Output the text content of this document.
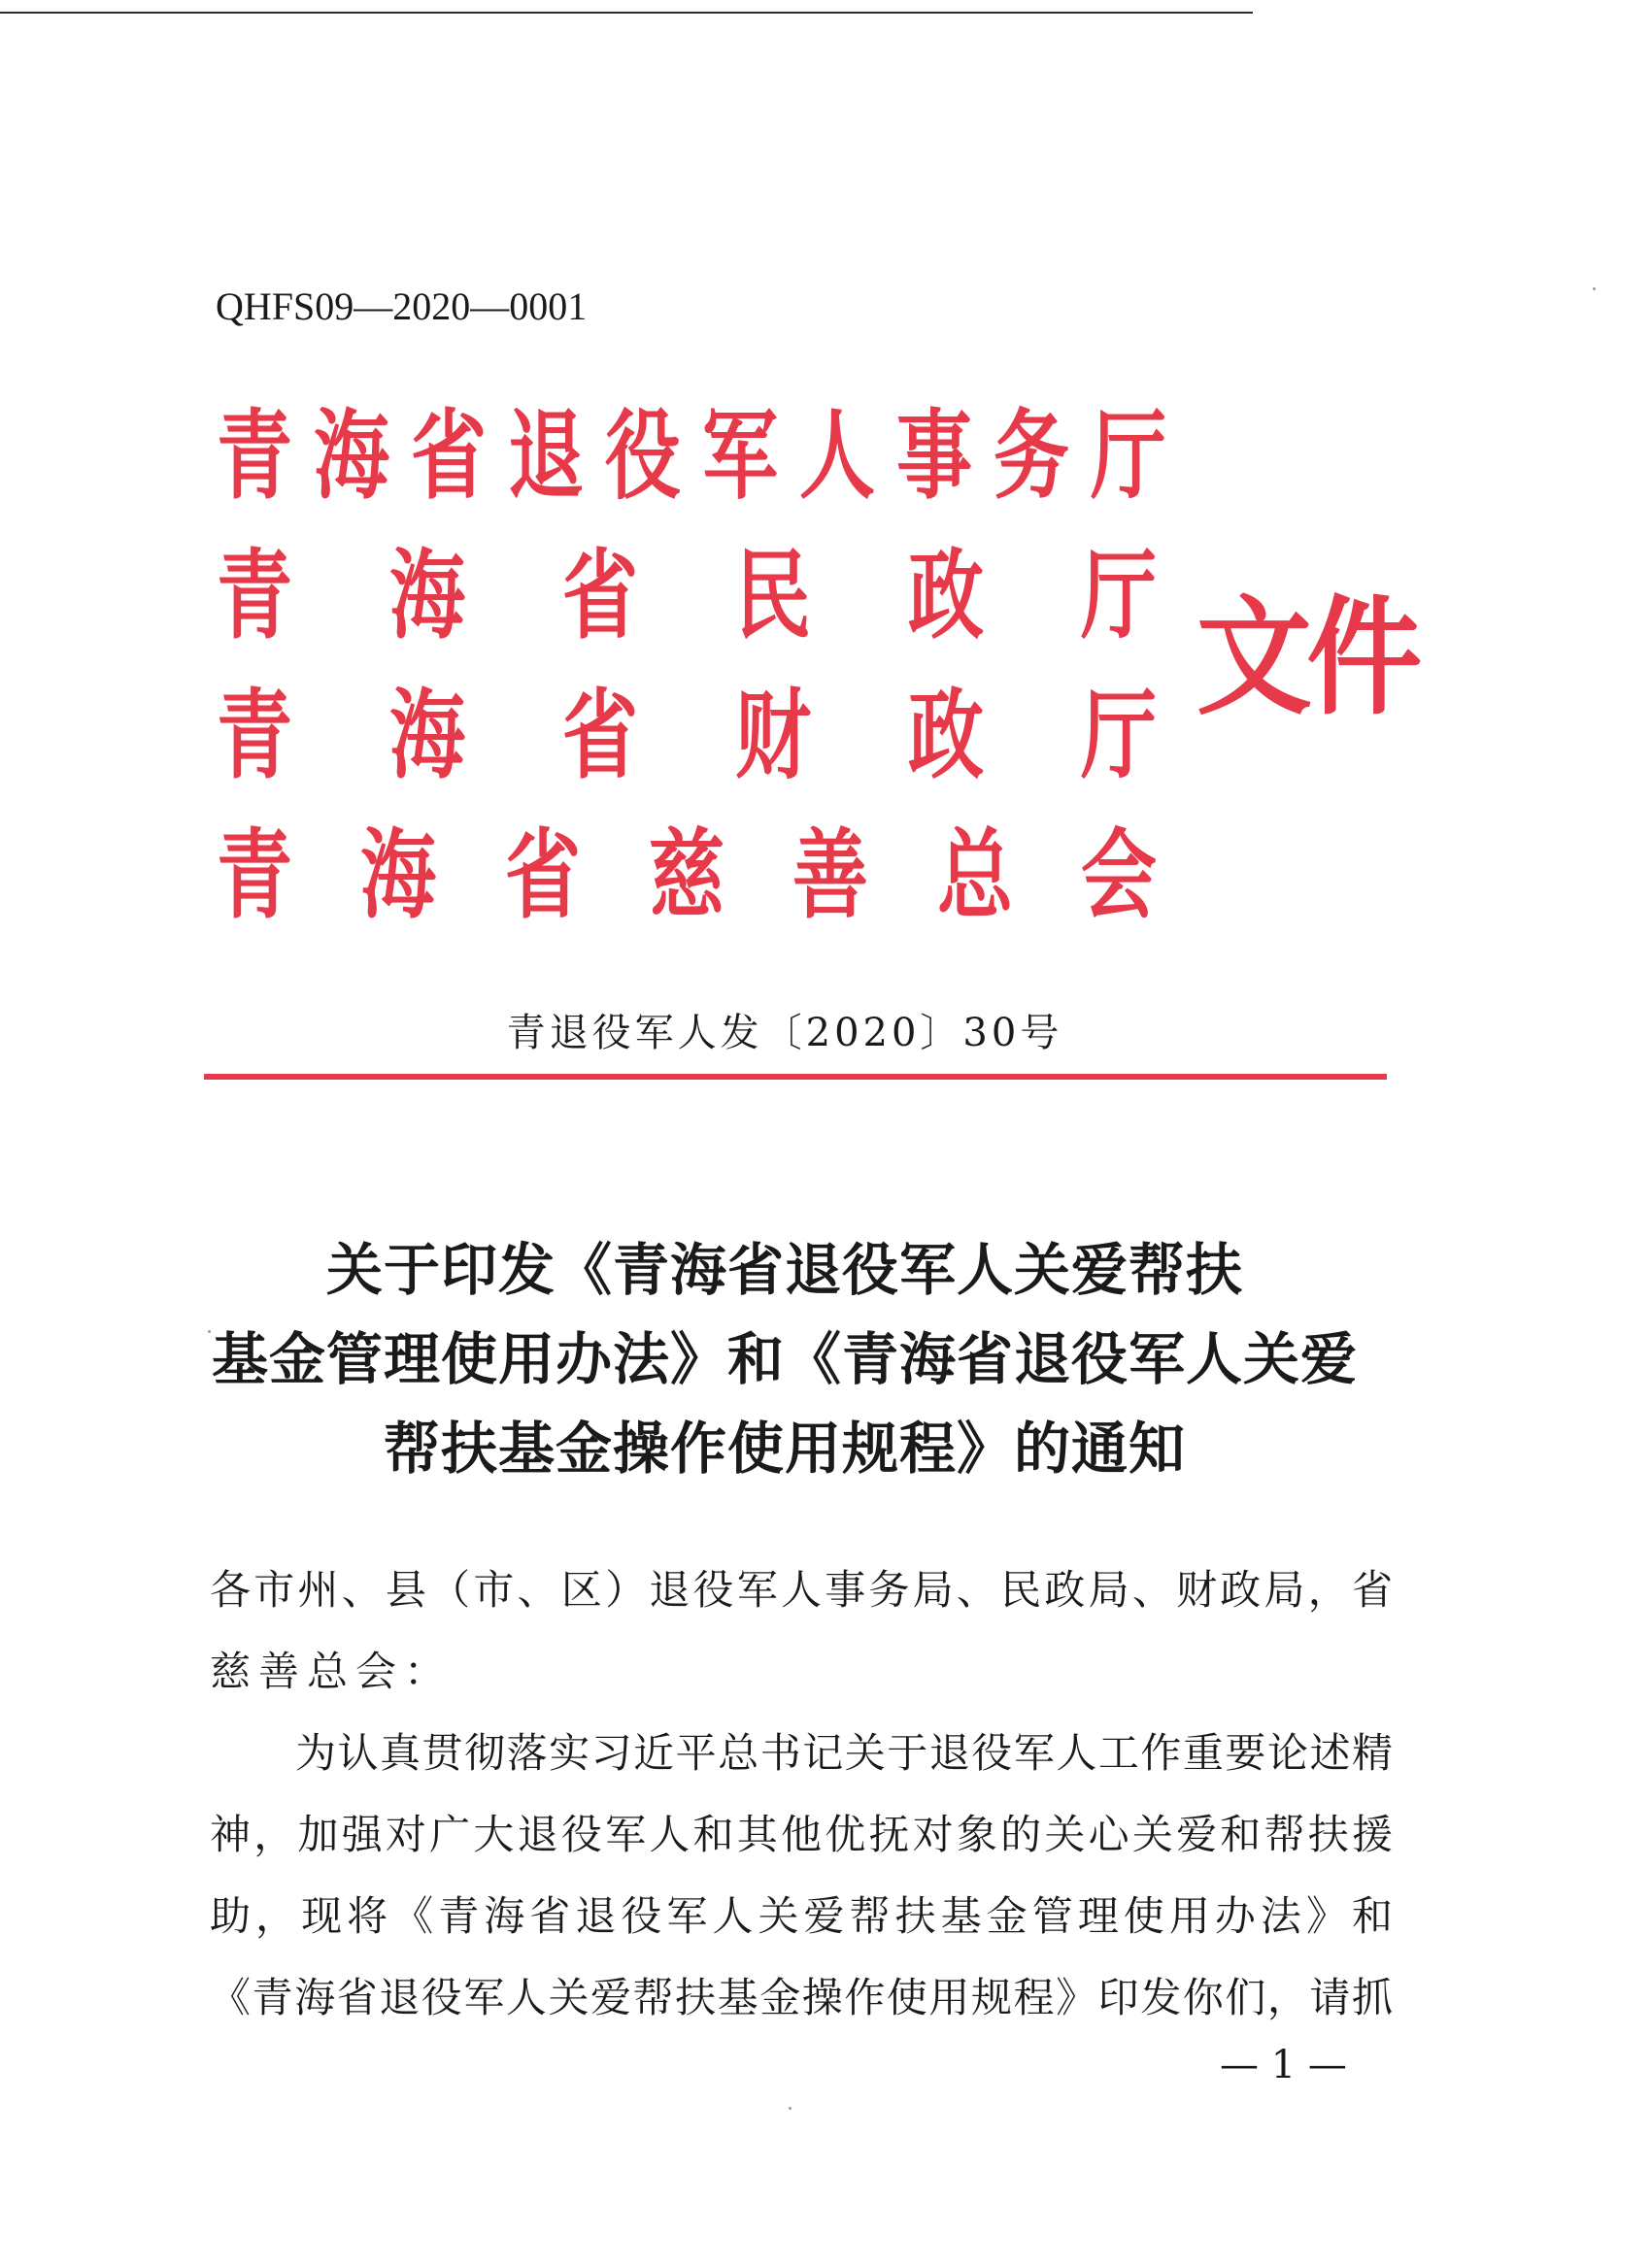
QHFS09—2020—0001
青 海 省 退 役 军 人 事 务 厅
青 海 省 民 政 厅
青 海 省 财 政 厅
青 海 省 慈 善 总 会
文件
青退役军人发〔2020〕30号
关于印发《青海省退役军人关爱帮扶
基金管理使用办法》和《青海省退役军人关爱
帮扶基金操作使用规程》的通知
各市州、县（市、区）退役军人事务局、民政局、财政局，省
慈善总会：
为认真贯彻落实习近平总书记关于退役军人工作重要论述精
神，加强对广大退役军人和其他优抚对象的关心关爱和帮扶援
助，现将《青海省退役军人关爱帮扶基金管理使用办法》和
《青海省退役军人关爱帮扶基金操作使用规程》印发你们，请抓
— 1 —
